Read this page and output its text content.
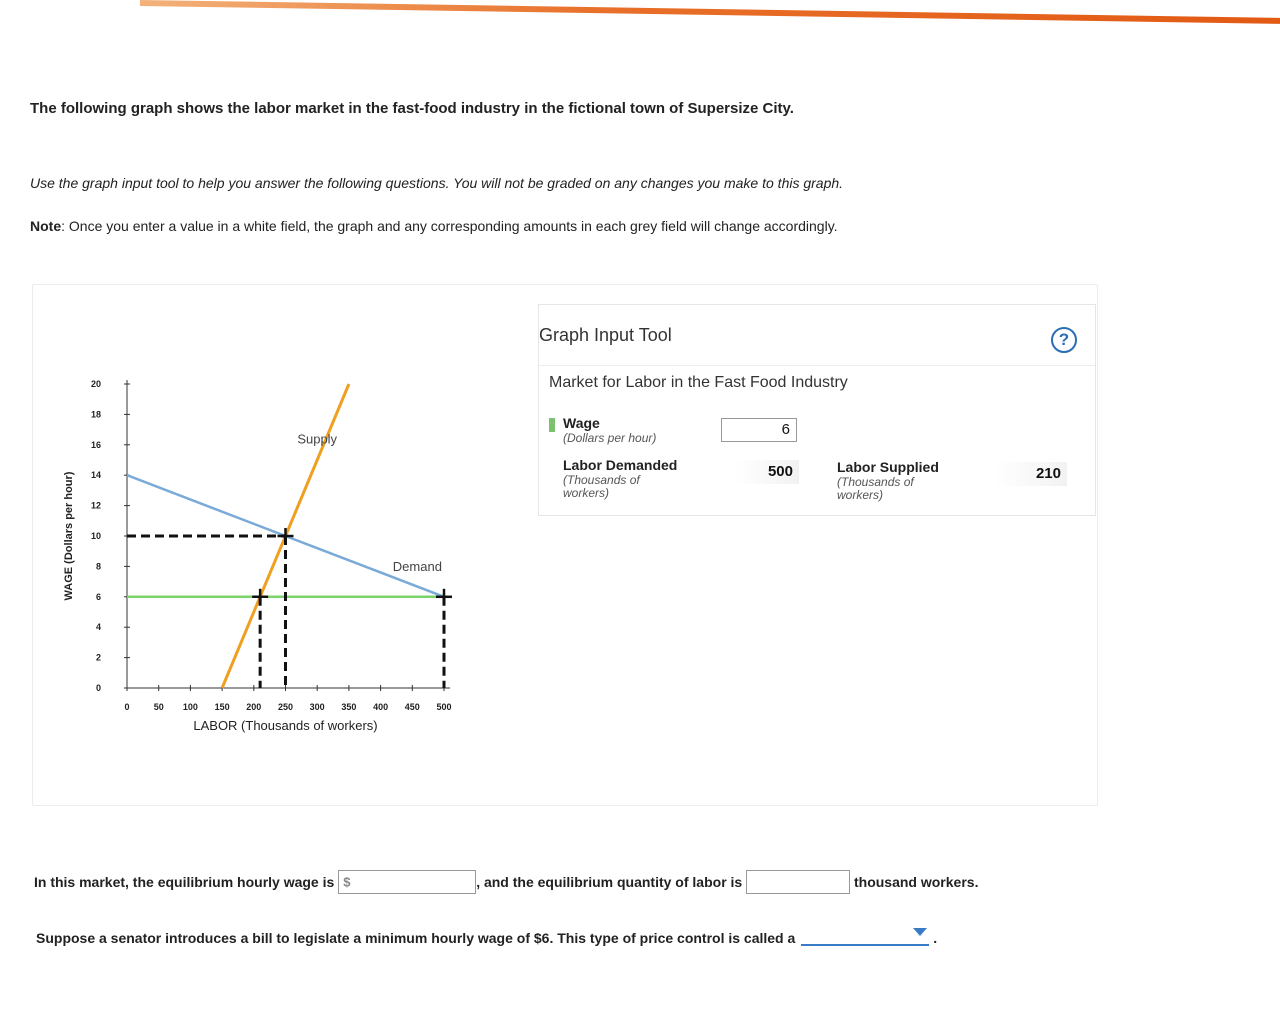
The following graph shows the labor market in the fast-food industry in the fictional town of Supersize City.
Use the graph input tool to help you answer the following questions. You will not be graded on any changes you make to this graph.
Note: Once you enter a value in a white field, the graph and any corresponding amounts in each grey field will change accordingly.
0
2
4
6
8
10
12
14
16
18
20
0	50 100 150 200 250 300 350 400 450 500
LABOR (Thousands of workers)
WAGE (Dollars per hour)
Supply
Demand
Graph Input Tool	?
Market for Labor in the Fast Food Industry
Wage
(Dollars per hour)	6
Labor Demanded
(Thousands of workers)
500	Labor Supplied
(Thousands of workers)
210
In this market, the equilibrium hourly wage is $	, and the equilibrium quantity of labor is	thousand workers.
Suppose a senator introduces a bill to legislate a minimum hourly wage of $6. This type of price control is called a	.
